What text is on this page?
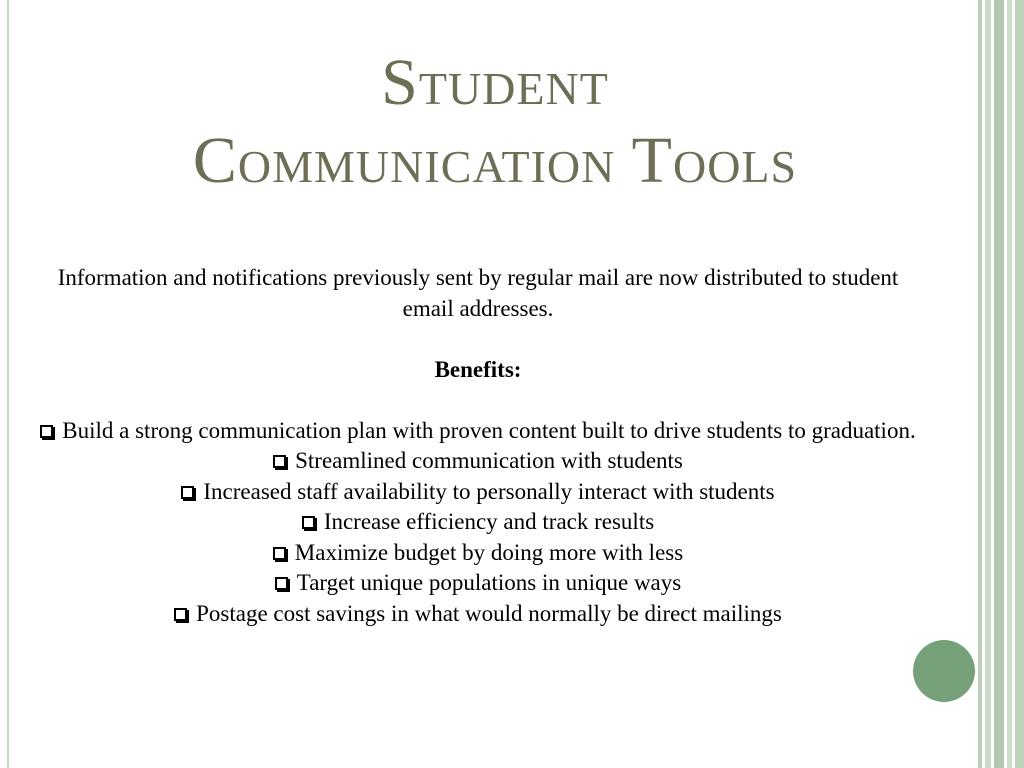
Student
Communication Tools

Information and notifications previously sent by regular mail are now distributed to student email addresses.

Benefits:

Build a strong communication plan with proven content built to drive students to graduation.
Streamlined communication with students
Increased staff availability to personally interact with students
Increase efficiency and track results
Maximize budget by doing more with less
Target unique populations in unique ways
Postage cost savings in what would normally be direct mailings
